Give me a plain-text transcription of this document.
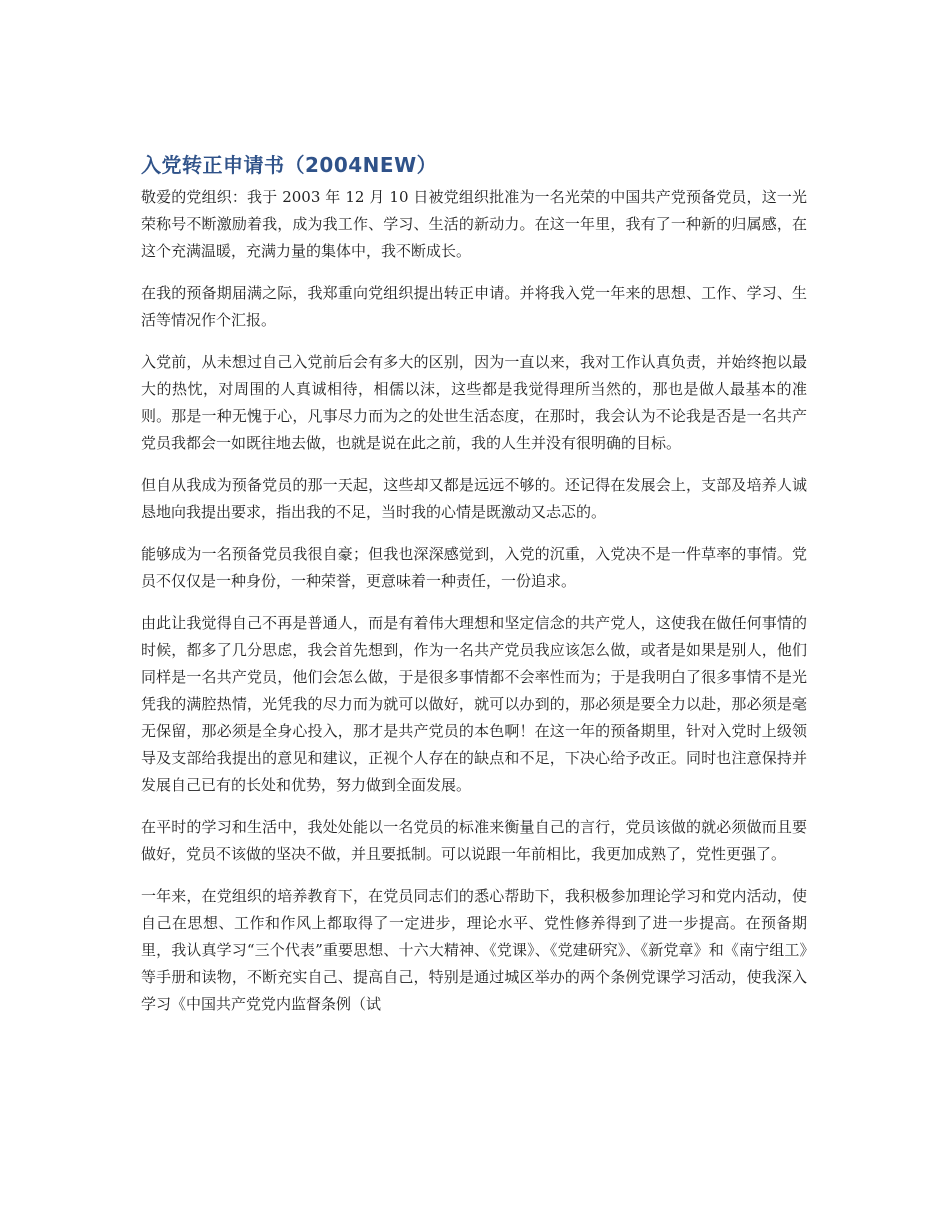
入党转正申请书（2004NEW）

敬爱的党组织：我于 2003 年 12 月 10 日被党组织批准为一名光荣的中国共产党预备党员，这一光荣称号不断激励着我，成为我工作、学习、生活的新动力。在这一年里，我有了一种新的归属感，在这个充满温暖，充满力量的集体中，我不断成长。

在我的预备期届满之际，我郑重向党组织提出转正申请。并将我入党一年来的思想、工作、学习、生活等情况作个汇报。

入党前，从未想过自己入党前后会有多大的区别，因为一直以来，我对工作认真负责，并始终抱以最大的热忱，对周围的人真诚相待，相儒以沫，这些都是我觉得理所当然的，那也是做人最基本的准则。那是一种无愧于心，凡事尽力而为之的处世生活态度，在那时，我会认为不论我是否是一名共产党员我都会一如既往地去做，也就是说在此之前，我的人生并没有很明确的目标。

但自从我成为预备党员的那一天起，这些却又都是远远不够的。还记得在发展会上，支部及培养人诚恳地向我提出要求，指出我的不足，当时我的心情是既激动又忐忑的。

能够成为一名预备党员我很自豪；但我也深深感觉到，入党的沉重，入党决不是一件草率的事情。党员不仅仅是一种身份，一种荣誉，更意味着一种责任，一份追求。

由此让我觉得自己不再是普通人，而是有着伟大理想和坚定信念的共产党人，这使我在做任何事情的时候，都多了几分思虑，我会首先想到，作为一名共产党员我应该怎么做，或者是如果是别人，他们同样是一名共产党员，他们会怎么做，于是很多事情都不会率性而为；于是我明白了很多事情不是光凭我的满腔热情，光凭我的尽力而为就可以做好，就可以办到的，那必须是要全力以赴，那必须是毫无保留，那必须是全身心投入，那才是共产党员的本色啊！在这一年的预备期里，针对入党时上级领导及支部给我提出的意见和建议，正视个人存在的缺点和不足，下决心给予改正。同时也注意保持并发展自己已有的长处和优势，努力做到全面发展。

在平时的学习和生活中，我处处能以一名党员的标准来衡量自己的言行，党员该做的就必须做而且要做好，党员不该做的坚决不做，并且要抵制。可以说跟一年前相比，我更加成熟了，党性更强了。

一年来，在党组织的培养教育下，在党员同志们的悉心帮助下，我积极参加理论学习和党内活动，使自己在思想、工作和作风上都取得了一定进步，理论水平、党性修养得到了进一步提高。在预备期里，我认真学习“三个代表”重要思想、十六大精神、《党课》、《党建研究》、《新党章》和《南宁组工》等手册和读物，不断充实自己、提高自己，特别是通过城区举办的两个条例党课学习活动，使我深入学习《中国共产党党内监督条例（试
